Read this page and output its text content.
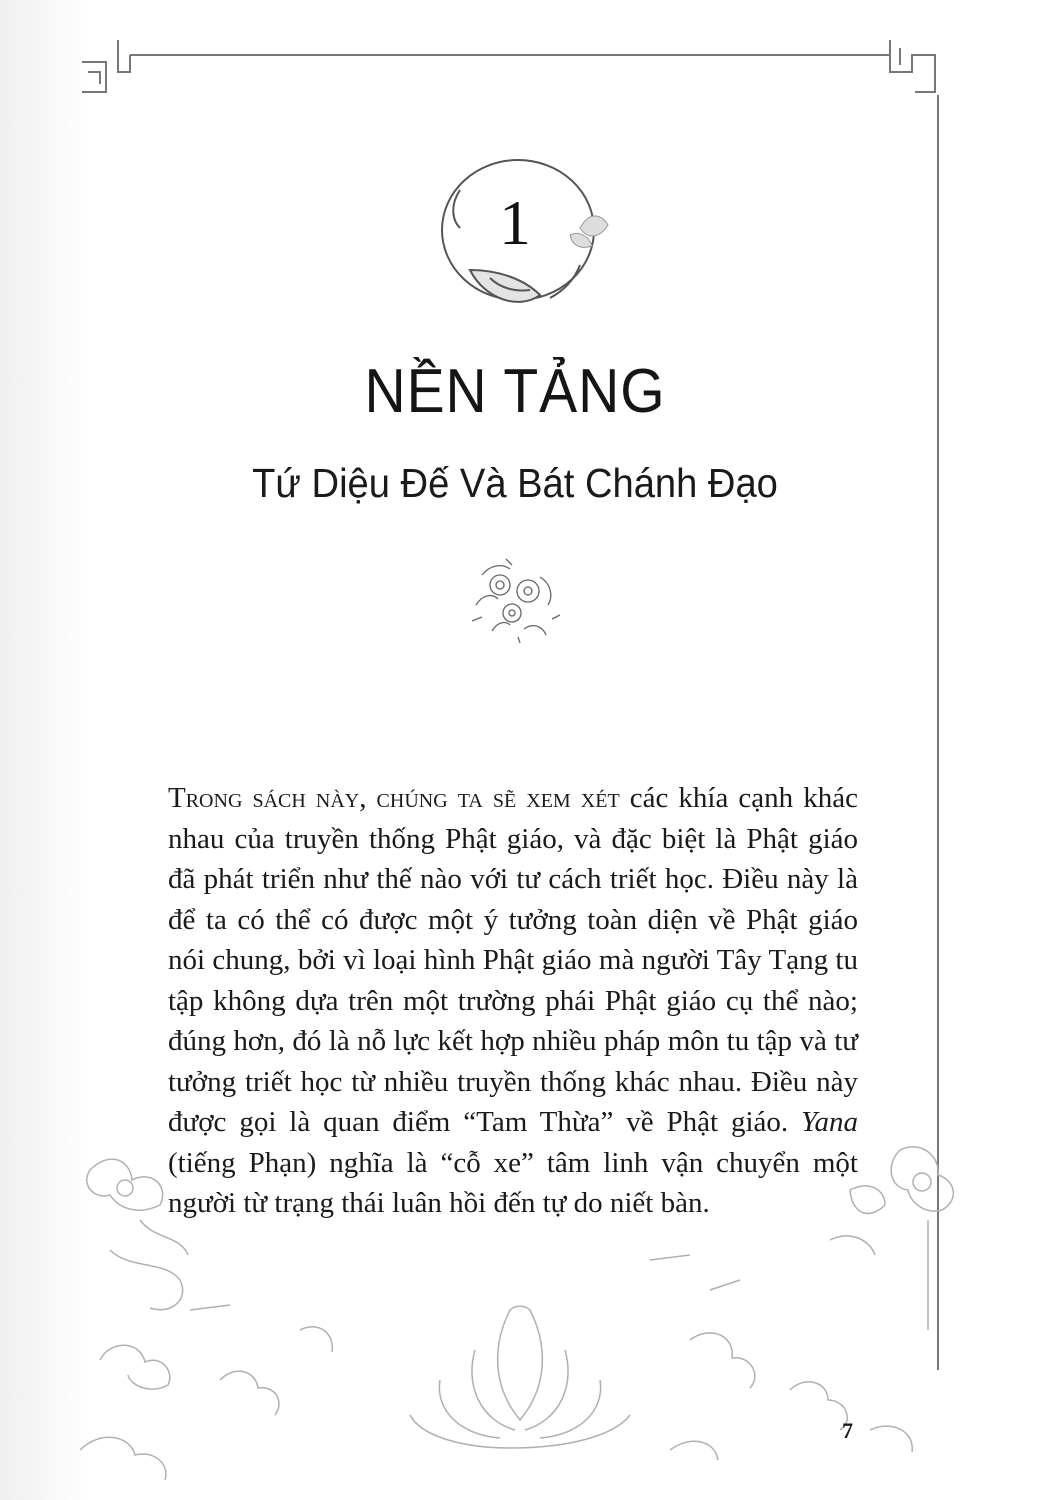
1
NỀN TẢNG
Tứ Diệu Đế Và Bát Chánh Đạo
Trong sách này, chúng ta sẽ xem xét các khía cạnh khác nhau của truyền thống Phật giáo, và đặc biệt là Phật giáo đã phát triển như thế nào với tư cách triết học. Điều này là để ta có thể có được một ý tưởng toàn diện về Phật giáo nói chung, bởi vì loại hình Phật giáo mà người Tây Tạng tu tập không dựa trên một trường phái Phật giáo cụ thể nào; đúng hơn, đó là nỗ lực kết hợp nhiều pháp môn tu tập và tư tưởng triết học từ nhiều truyền thống khác nhau. Điều này được gọi là quan điểm “Tam Thừa” về Phật giáo. Yana (tiếng Phạn) nghĩa là “cỗ xe” tâm linh vận chuyển một người từ trạng thái luân hồi đến tự do niết bàn.
7
